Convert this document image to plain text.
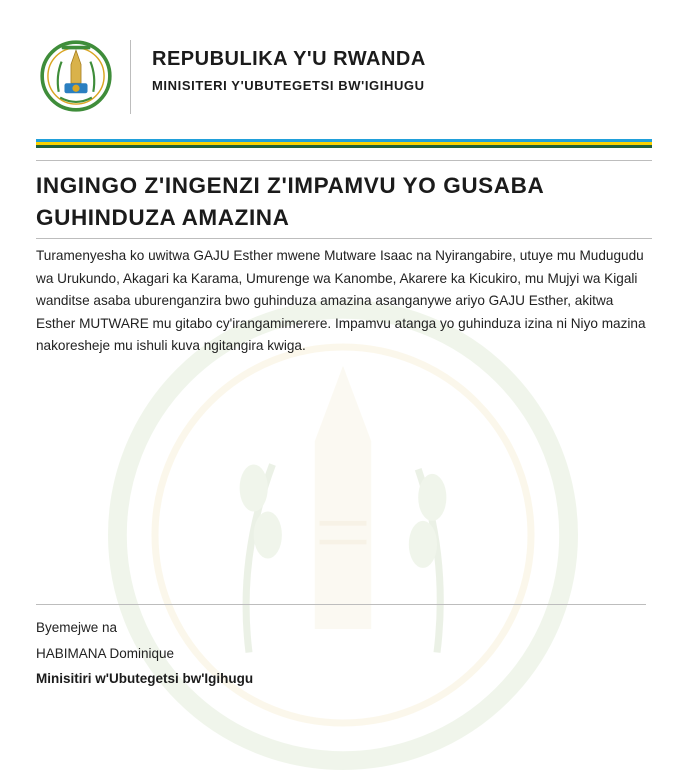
REPUBULIKA Y'U RWANDA
MINISITERI Y'UBUTEGETSI BW'IGIHUGU
INGINGO Z'INGENZI Z'IMPAMVU YO GUSABA GUHINDUZA AMAZINA

Turamenyesha ko uwitwa GAJU Esther mwene Mutware Isaac na Nyirangabire, utuye mu Mudugudu wa Urukundo, Akagari ka Karama, Umurenge wa Kanombe, Akarere ka Kicukiro, mu Mujyi wa Kigali wanditse asaba uburenganzira bwo guhinduza amazina asanganywe ariyo GAJU Esther, akitwa Esther MUTWARE mu gitabo cy'irangamimerere. Impamvu atanga yo guhinduza izina ni Niyo mazina nakoresheje mu ishuli kuva ngitangira kwiga.

Byemejwe na
HABIMANA Dominique
Minisitiri w'Ubutegetsi bw'Igihugu
